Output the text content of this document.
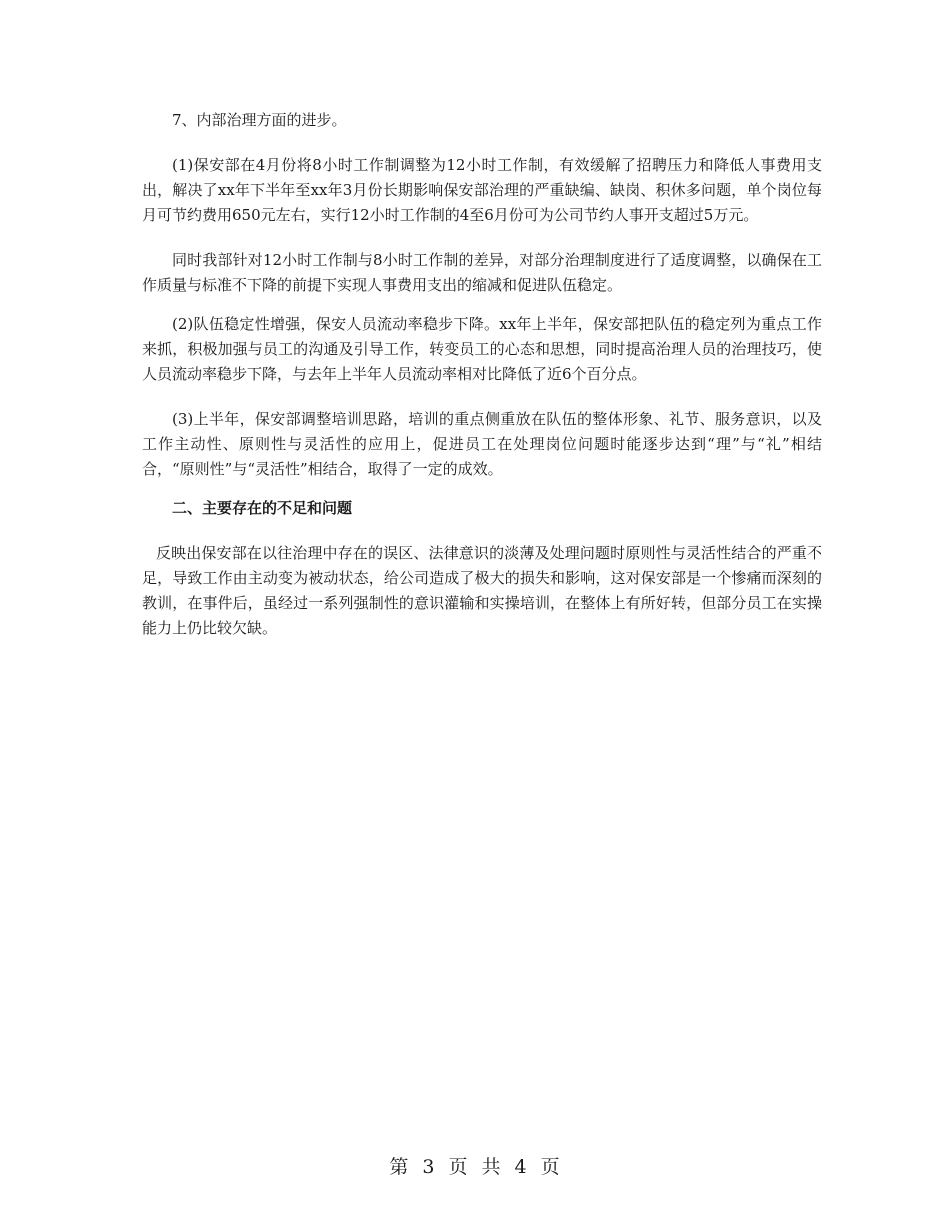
7、内部治理方面的进步。

(1)保安部在4月份将8小时工作制调整为12小时工作制，有效缓解了招聘压力和降低人事费用支出，解决了xx年下半年至xx年3月份长期影响保安部治理的严重缺编、缺岗、积休多问题，单个岗位每月可节约费用650元左右，实行12小时工作制的4至6月份可为公司节约人事开支超过5万元。

同时我部针对12小时工作制与8小时工作制的差异，对部分治理制度进行了适度调整，以确保在工作质量与标准不下降的前提下实现人事费用支出的缩减和促进队伍稳定。

(2)队伍稳定性增强，保安人员流动率稳步下降。xx年上半年，保安部把队伍的稳定列为重点工作来抓，积极加强与员工的沟通及引导工作，转变员工的心态和思想，同时提高治理人员的治理技巧，使人员流动率稳步下降，与去年上半年人员流动率相对比降低了近6个百分点。

(3)上半年，保安部调整培训思路，培训的重点侧重放在队伍的整体形象、礼节、服务意识，以及工作主动性、原则性与灵活性的应用上，促进员工在处理岗位问题时能逐步达到“理”与“礼”相结合，“原则性”与“灵活性”相结合，取得了一定的成效。

二、主要存在的不足和问题

反映出保安部在以往治理中存在的误区、法律意识的淡薄及处理问题时原则性与灵活性结合的严重不足，导致工作由主动变为被动状态，给公司造成了极大的损失和影响，这对保安部是一个惨痛而深刻的教训，在事件后，虽经过一系列强制性的意识灌输和实操培训，在整体上有所好转，但部分员工在实操能力上仍比较欠缺。

第 3 页 共 4 页
